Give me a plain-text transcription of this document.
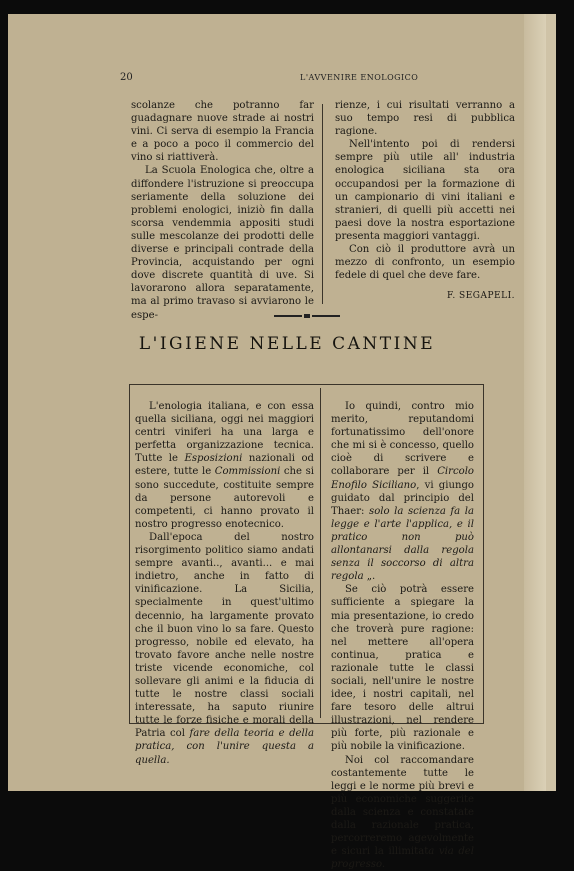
20	L'AVVENIRE ENOLOGICO

scolanze che potranno far guadagnare nuove strade ai nostri vini. Ci serva di esempio la Francia e a poco a poco il commercio del vino si riattiverà.

La Scuola Enologica che, oltre a diffondere l'istruzione si preoccupa seriamente della soluzione dei problemi enologici, iniziò fin dalla scorsa vendemmia appositi studi sulle mescolanze dei prodotti delle diverse e principali contrade della Provincia, acquistando per ogni dove discrete quantità di uve. Si lavorarono allora separatamente, ma al primo travaso si avviarono le espe-

rienze, i cui risultati verranno a suo tempo resi di pubblica ragione.

Nell'intento poi di rendersi sempre più utile all' industria enologica siciliana sta ora occupandosi per la formazione di un campionario di vini italiani e stranieri, di quelli più accetti nei paesi dove la nostra esportazione presenta maggiori vantaggi.

Con ciò il produttore avrà un mezzo di confronto, un esempio fedele di quel che deve fare.

F. SEGAPELI.
L'IGIENE NELLE CANTINE

L'enologia italiana, e con essa quella siciliana, oggi nei maggiori centri viniferi ha una larga e perfetta organizzazione tecnica. Tutte le Esposizioni nazionali od estere, tutte le Commissioni che si sono succedute, costituite sempre da persone autorevoli e competenti, ci hanno provato il nostro progresso enotecnico.

Dall'epoca del nostro risorgimento politico siamo andati sempre avanti.., avanti... e mai indietro, anche in fatto di vinificazione. La Sicilia, specialmente in quest'ultimo decennio, ha largamente provato che il buon vino lo sa fare. Questo progresso, nobile ed elevato, ha trovato favore anche nelle nostre triste vicende economiche, col sollevare gli animi e la fiducia di tutte le nostre classi sociali interessate, ha saputo riunire tutte le forze fisiche e morali della Patria col fare della teoria e della pratica, con l'unire questa a quella.

Io quindi, contro mio merito, reputandomi fortunatissimo dell'onore che mi si è concesso, quello cioè di scrivere e collaborare per il Circolo Enofilo Siciliano, vi giungo guidato dal principio del Thaer: solo la scienza fa la legge e l'arte l'applica, e il pratico non può allontanarsi dalla regola senza il soccorso di altra regola „.

Se ciò potrà essere sufficiente a spiegare la mia presentazione, io credo che troverà pure ragione: nel mettere all'opera continua, pratica e razionale tutte le classi sociali, nell'unire le nostre idee, i nostri capitali, nel fare tesoro delle altrui illustrazioni, nel rendere più forte, più razionale e più nobile la vinificazione.

Noi col raccomandare costantemente tutte le leggi e le norme più brevi e più economiche suggerite dalla scienza e constatate dalla razionale pratica, percorreremo agevolmente e sicuri la illimitata via del progresso.
